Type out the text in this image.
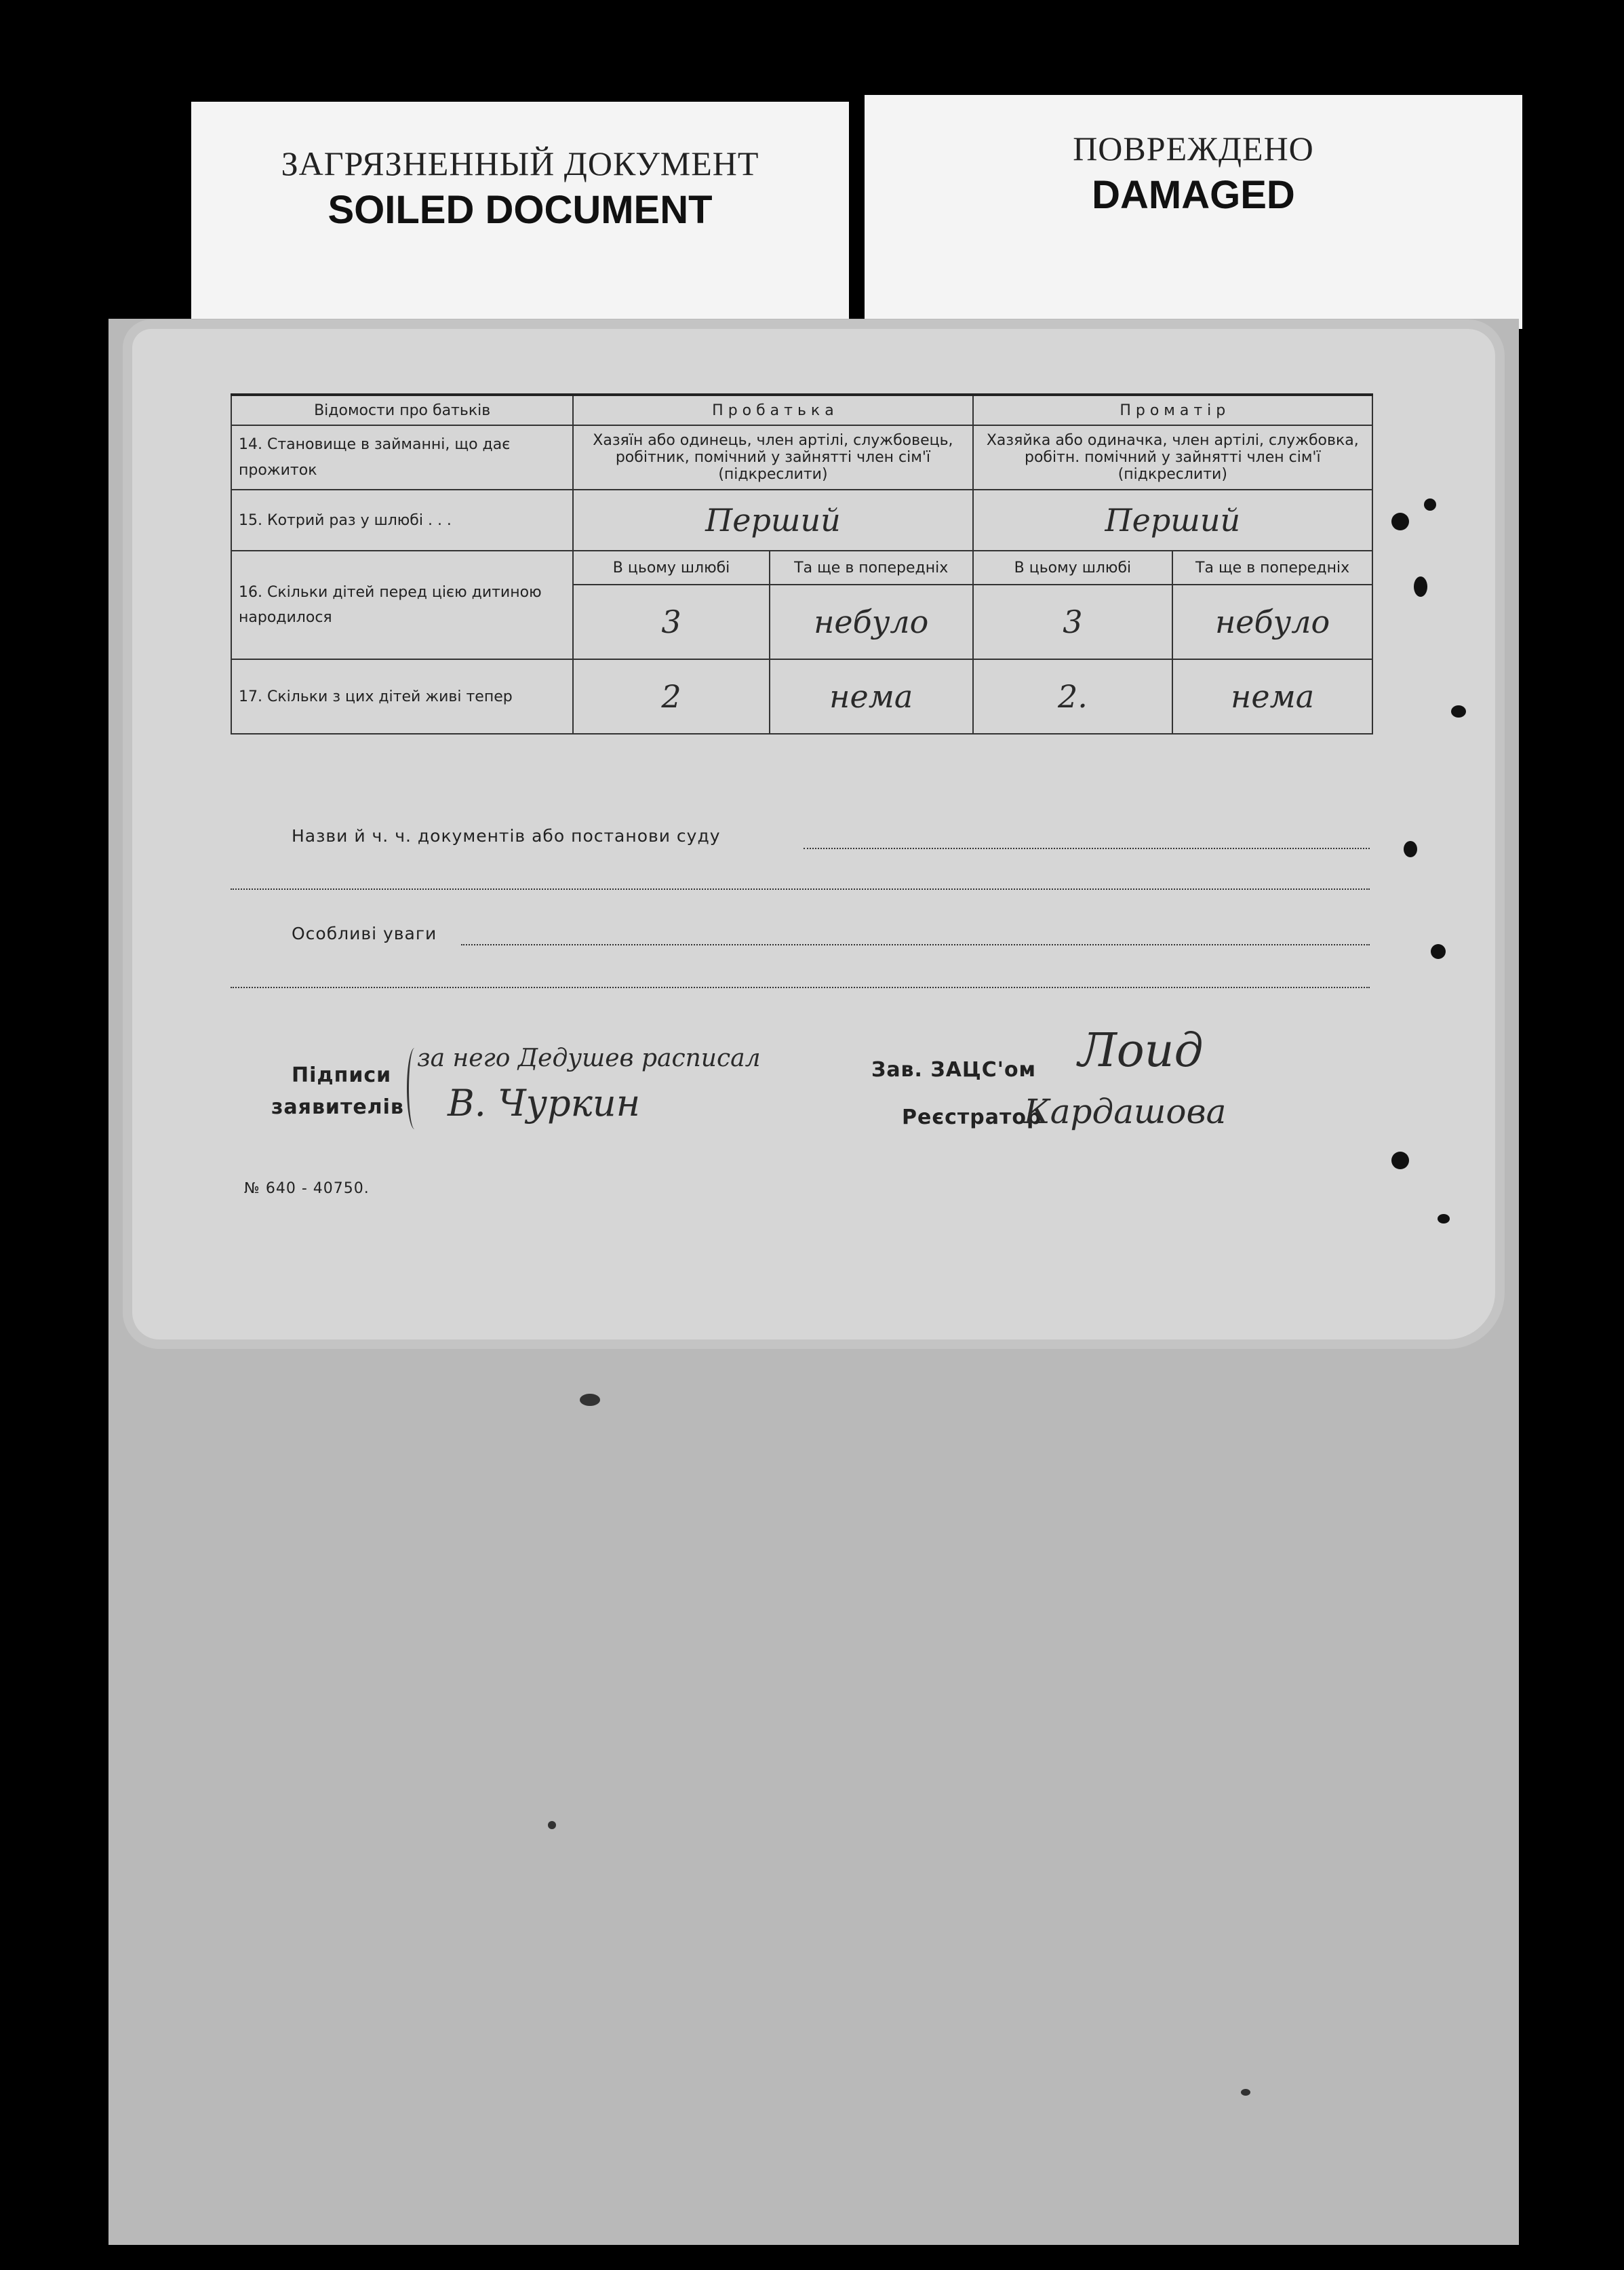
ЗАГРЯЗНЕННЫЙ ДОКУМЕНТ
SOILED DOCUMENT
ПОВРЕЖДЕНО
DAMAGED
Відомости про батьків	П р о б а т ь к а		П р о м а т і р	
14. Становище в займанні, що дає прожиток	Хазяїн або одинець, член артілі, службовець, робітник, помічний у зайнятті член сім'ї (підкреслити)		Хазяйка або одиначка, член артілі, службовка, робітн. помічний у зайнятті член сім'ї (підкреслити)	
15. Котрий раз у шлюбі . . .	Перший		Перший	
16. Скільки дітей перед цією дитиною народилося	В цьому шлюбі	Та ще в попередніх	В цьому шлюбі	Та ще в попередніх
	3	небуло	3	небуло
17. Скільки з цих дітей живі тепер	2	нема	2.	нема
Назви й ч. ч. документів або постанови суду
Особливі уваги
Підписи
заявителів
за него Дедушев расписал
В. Чуркин
Зав. ЗАЦС'ом Лоид
Реєстратор
Кардашова
№ 640 - 40750.
